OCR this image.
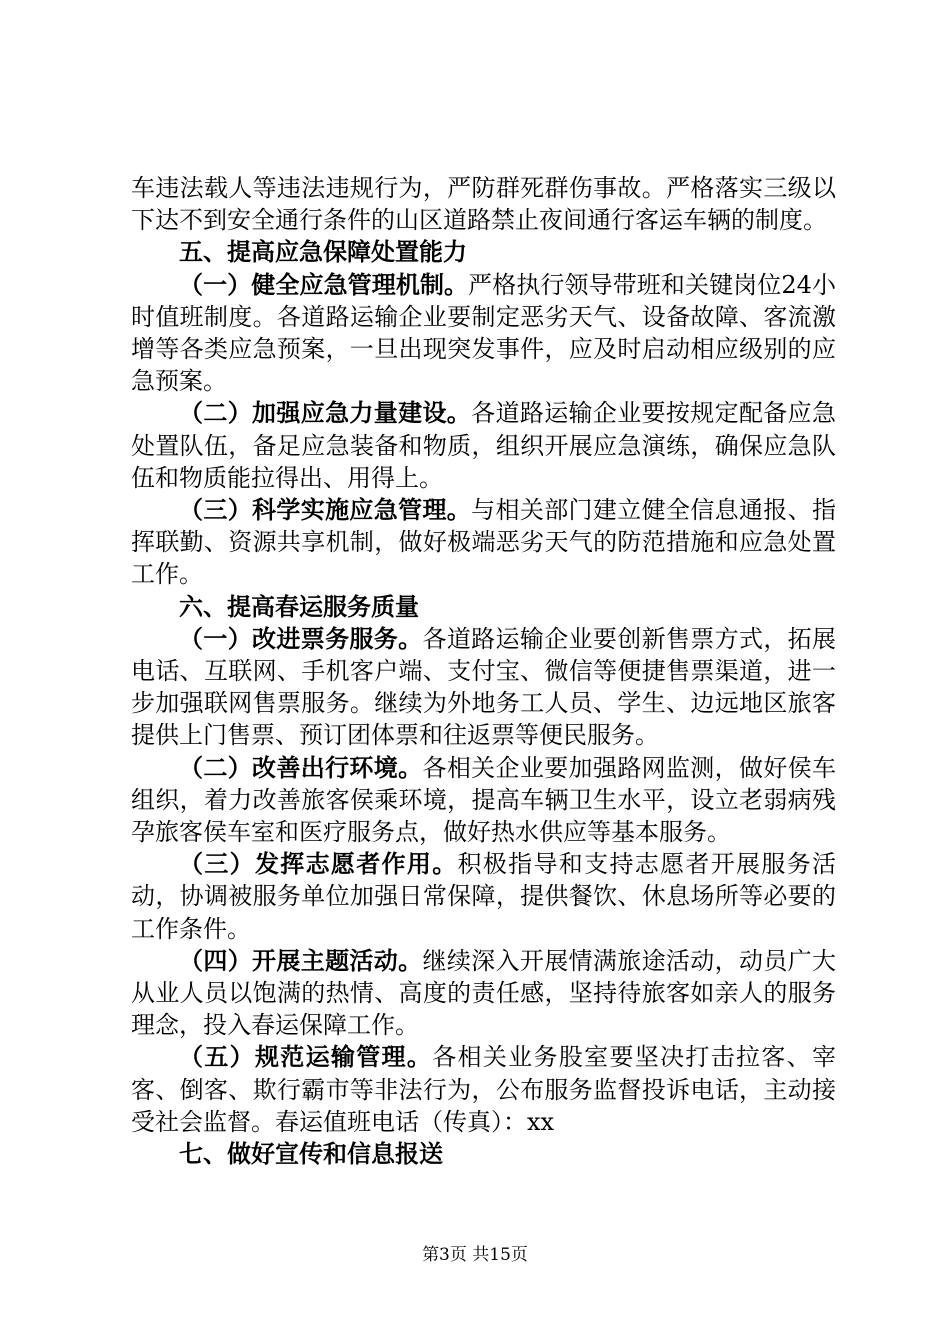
车违法载人等违法违规行为，严防群死群伤事故。严格落实三级以下达不到安全通行条件的山区道路禁止夜间通行客运车辆的制度。

五、提高应急保障处置能力

（一）健全应急管理机制。严格执行领导带班和关键岗位24小时值班制度。各道路运输企业要制定恶劣天气、设备故障、客流激增等各类应急预案，一旦出现突发事件，应及时启动相应级别的应急预案。

（二）加强应急力量建设。各道路运输企业要按规定配备应急处置队伍，备足应急装备和物质，组织开展应急演练，确保应急队伍和物质能拉得出、用得上。

（三）科学实施应急管理。与相关部门建立健全信息通报、指挥联勤、资源共享机制，做好极端恶劣天气的防范措施和应急处置工作。

六、提高春运服务质量

（一）改进票务服务。各道路运输企业要创新售票方式，拓展电话、互联网、手机客户端、支付宝、微信等便捷售票渠道，进一步加强联网售票服务。继续为外地务工人员、学生、边远地区旅客提供上门售票、预订团体票和往返票等便民服务。

（二）改善出行环境。各相关企业要加强路网监测，做好侯车组织，着力改善旅客侯乘环境，提高车辆卫生水平，设立老弱病残孕旅客侯车室和医疗服务点，做好热水供应等基本服务。

（三）发挥志愿者作用。积极指导和支持志愿者开展服务活动，协调被服务单位加强日常保障，提供餐饮、休息场所等必要的工作条件。

（四）开展主题活动。继续深入开展情满旅途活动，动员广大从业人员以饱满的热情、高度的责任感，坚持待旅客如亲人的服务理念，投入春运保障工作。

（五）规范运输管理。各相关业务股室要坚决打击拉客、宰客、倒客、欺行霸市等非法行为，公布服务监督投诉电话，主动接受社会监督。春运值班电话（传真）：xx

七、做好宣传和信息报送

第3页 共15页
